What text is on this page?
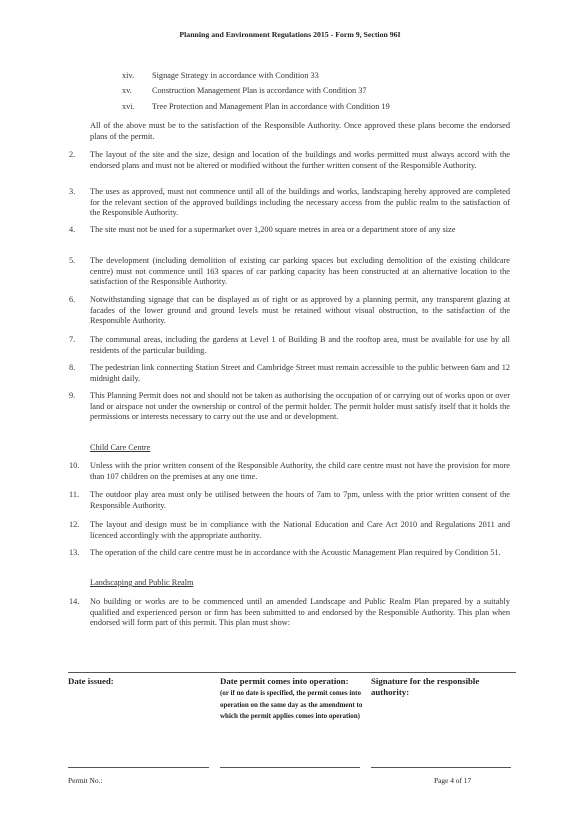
Planning and Environment Regulations 2015 - Form 9, Section 96I
xiv. Signage Strategy in accordance with Condition 33
xv. Construction Management Plan is accordance with Condition 37
xvi. Tree Protection and Management Plan in accordance with Condition 19
All of the above must be to the satisfaction of the Responsible Authority. Once approved these plans become the endorsed plans of the permit.
2. The layout of the site and the size, design and location of the buildings and works permitted must always accord with the endorsed plans and must not be altered or modified without the further written consent of the Responsible Authority.
3. The uses as approved, must not commence until all of the buildings and works, landscaping hereby approved are completed for the relevant section of the approved buildings including the necessary access from the public realm to the satisfaction of the Responsible Authority.
4. The site must not be used for a supermarket over 1,200 square metres in area or a department store of any size
5. The development (including demolition of existing car parking spaces but excluding demolition of the existing childcare centre) must not commence until 163 spaces of car parking capacity has been constructed at an alternative location to the satisfaction of the Responsible Authority.
6. Notwithstanding signage that can be displayed as of right or as approved by a planning permit, any transparent glazing at facades of the lower ground and ground levels must be retained without visual obstruction, to the satisfaction of the Responsible Authority.
7. The communal areas, including the gardens at Level 1 of Building B and the rooftop area, must be available for use by all residents of the particular building.
8. The pedestrian link connecting Station Street and Cambridge Street must remain accessible to the public between 6am and 12 midnight daily.
9. This Planning Permit does not and should not be taken as authorising the occupation of or carrying out of works upon or over land or airspace not under the ownership or control of the permit holder. The permit holder must satisfy itself that it holds the permissions or interests necessary to carry out the use and or development.
Child Care Centre
10. Unless with the prior written consent of the Responsible Authority, the child care centre must not have the provision for more than 107 children on the premises at any one time.
11. The outdoor play area must only be utilised between the hours of 7am to 7pm, unless with the prior written consent of the Responsible Authority.
12. The layout and design must be in compliance with the National Education and Care Act 2010 and Regulations 2011 and licenced accordingly with the appropriate authority.
13. The operation of the child care centre must be in accordance with the Acoustic Management Plan required by Condition 51.
Landscaping and Public Realm
14. No building or works are to be commenced until an amended Landscape and Public Realm Plan prepared by a suitably qualified and experienced person or firm has been submitted to and endorsed by the Responsible Authority. This plan when endorsed will form part of this permit. This plan must show:
Date issued:	Date permit comes into operation:
(or if no date is specified, the permit comes into operation on the same day as the amendment to which the permit applies comes into operation)
Signature for the responsible authority:
Permit No.:	Page 4 of 17
